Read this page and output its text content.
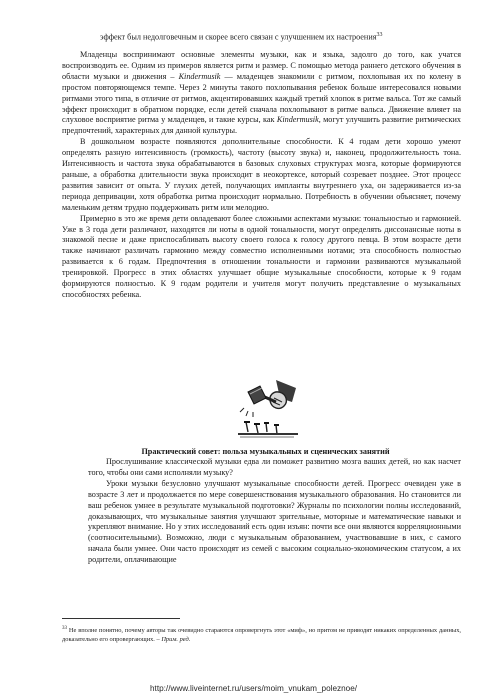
эффект был недолговечным и скорее всего связан с улучшением их настроения$^{33}$

Младенцы воспринимают основные элементы музыки, как и языка, задолго до того, как учатся воспроизводить ее. Одним из примеров является ритм и размер. С помощью метода раннего детского обучения в области музыки и движения – Kindermusik — младенцев знакомили с ритмом, похлопывая их по колену в простом повторяющемся темпе. Через 2 минуты такого похлопывания ребенок больше интересовался новыми ритмами этого типа, в отличие от ритмов, акцентировавших каждый третий хлопок в ритме вальса. Тот же самый эффект происходит в обратном порядке, если детей сначала похлопывают в ритме вальса. Движение влияет на слуховое восприятие ритма у младенцев, и такие курсы, как Kindermusik, могут улучшить развитие ритмических предпочтений, характерных для данной культуры.

В дошкольном возрасте появляются дополнительные способности. К 4 годам дети хорошо умеют определять разную интенсивность (громкость), частоту (высоту звука) и, наконец, продолжительность тона. Интенсивность и частота звука обрабатываются в базовых слуховых структурах мозга, которые формируются раньше, а обработка длительности звука происходит в неокортексе, который созревает позднее. Этот процесс развития зависит от опыта. У глухих детей, получающих импланты внутреннего уха, он задерживается из-за периода депривации, хотя обработка ритма происходит нормально. Потребность в обучении объясняет, почему маленьким детям трудно поддерживать ритм или мелодию.

Примерно в это же время дети овладевают более сложными аспектами музыки: тональностью и гармонией. Уже в 3 года дети различают, находятся ли ноты в одной тональности, могут определять диссонансные ноты в знакомой песне и даже приспосабливать высоту своего голоса к голосу другого певца. В этом возрасте дети также начинают различать гармонию между совместно исполненными нотами; эта способность полностью развивается к 6 годам. Предпочтения в отношении тональности и гармонии развиваются музыкальной тренировкой. Прогресс в этих областях улучшает общие музыкальные способности, которые к 9 годам формируются полностью. К 9 годам родители и учителя могут получить представление о музыкальных способностях ребенка.

Практический совет: польза музыкальных и сценических занятий

Прослушивание классической музыки едва ли поможет развитию мозга ваших детей, но как насчет того, чтобы они сами исполняли музыку?

Уроки музыки безусловно улучшают музыкальные способности детей. Прогресс очевиден уже в возрасте 3 лет и продолжается по мере совершенствования музыкального образования. Но становится ли ваш ребенок умнее в результате музыкальной подготовки? Журналы по психологии полны исследований, доказывающих, что музыкальные занятия улучшают зрительные, моторные и математические навыки и укрепляют внимание. Но у этих исследований есть один изъян: почти все они являются корреляционными (соотносительными). Возможно, люди с музыкальным образованием, участвовавшие в них, с самого начала были умнее. Они часто происходят из семей с высоким социально-экономическим статусом, а их родители, оплачивающие

$^{33}$ Не вполне понятно, почему авторы так очевидно стараются опровергнуть этот «миф», но притом не приводят никаких определенных данных, доказательно его опровергающих. – Прим. ред.
http://www.liveinternet.ru/users/moim_vnukam_poleznoe/
